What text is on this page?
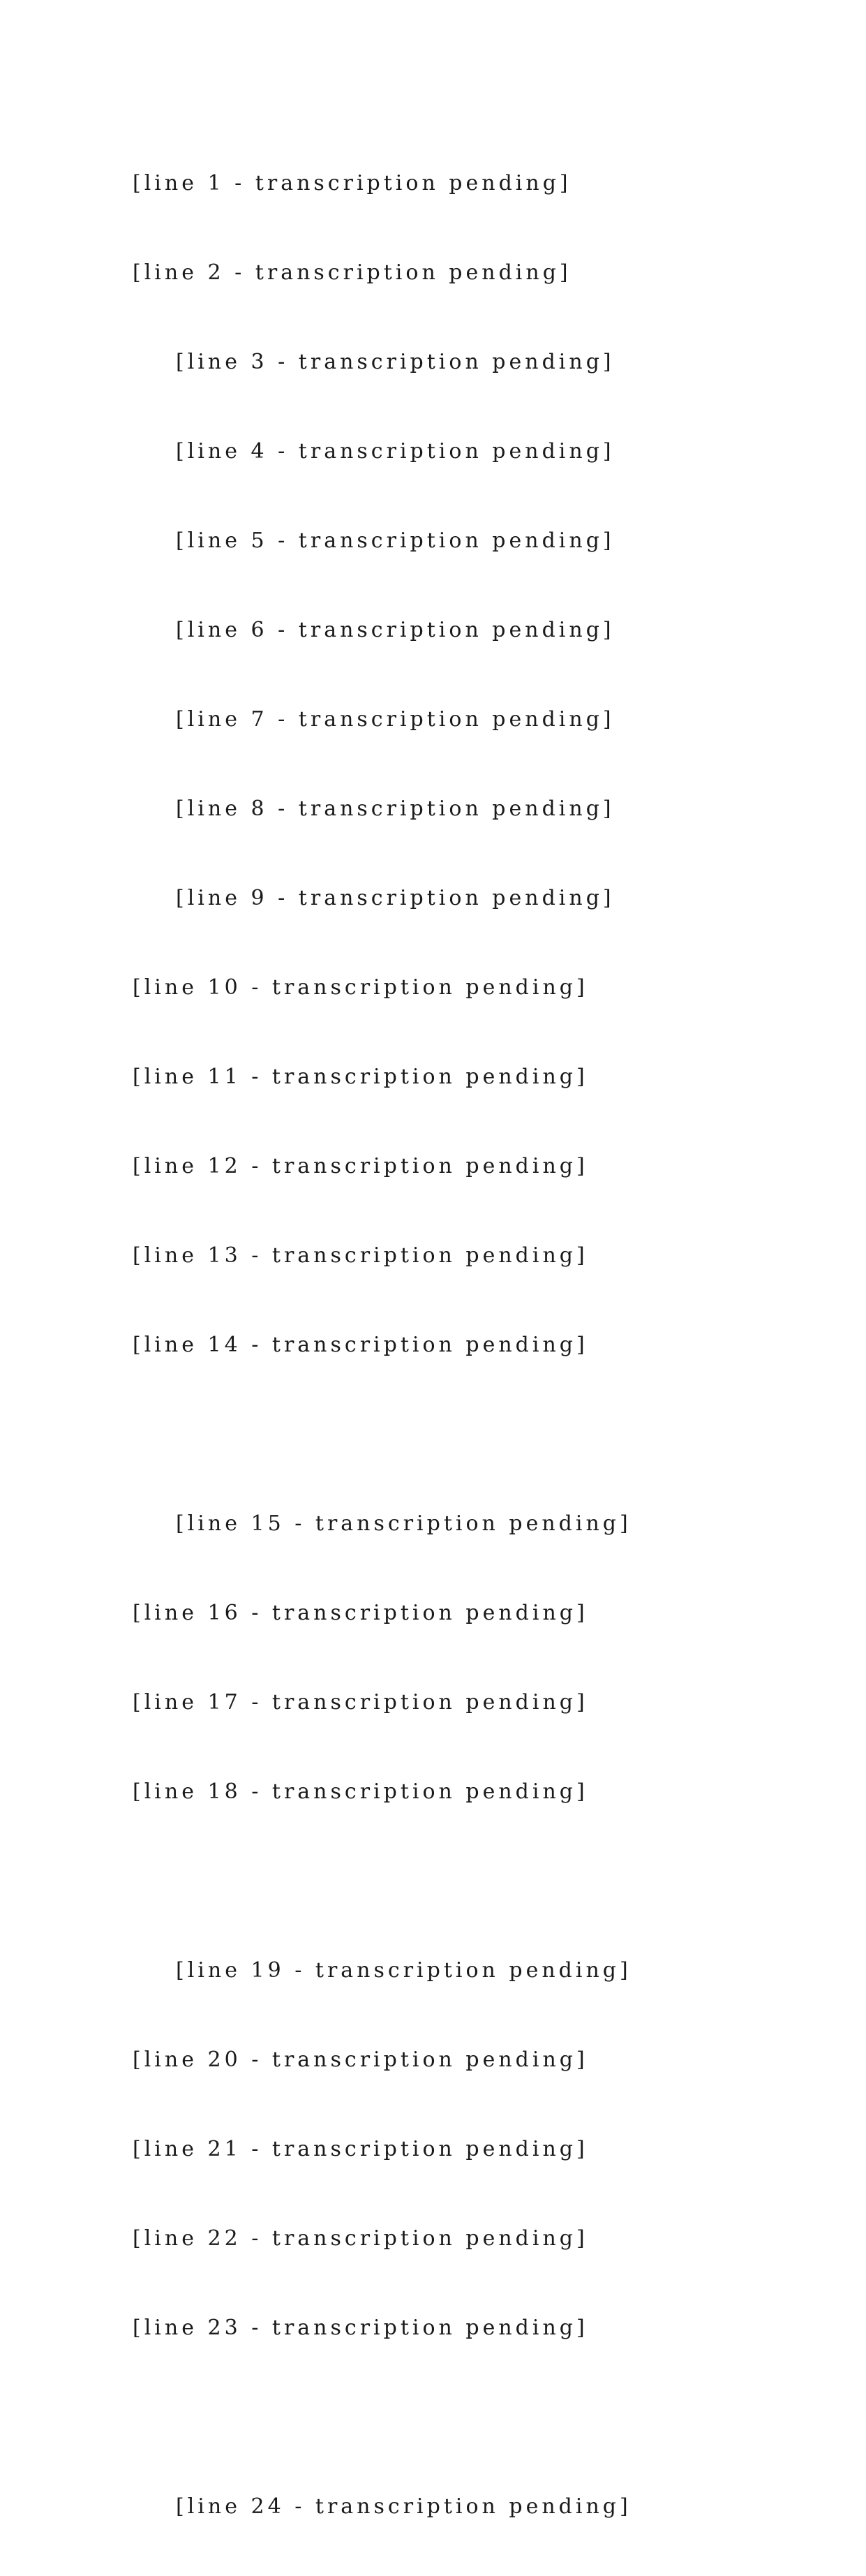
[line 1 - transcription pending]

[line 2 - transcription pending]

[line 3 - transcription pending]

[line 4 - transcription pending]

[line 5 - transcription pending]

[line 6 - transcription pending]

[line 7 - transcription pending]

[line 8 - transcription pending]

[line 9 - transcription pending]

[line 10 - transcription pending]

[line 11 - transcription pending]

[line 12 - transcription pending]

[line 13 - transcription pending]

[line 14 - transcription pending]

[line 15 - transcription pending]

[line 16 - transcription pending]

[line 17 - transcription pending]

[line 18 - transcription pending]

[line 19 - transcription pending]

[line 20 - transcription pending]

[line 21 - transcription pending]

[line 22 - transcription pending]

[line 23 - transcription pending]

[line 24 - transcription pending]
